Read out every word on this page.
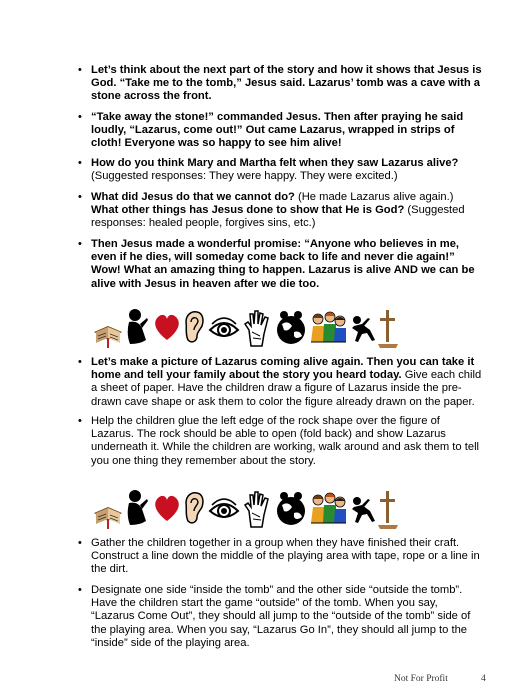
• Let’s think about the next part of the story and how it shows that Jesus is God. “Take me to the tomb,” Jesus said. Lazarus’ tomb was a cave with a stone across the front.
• “Take away the stone!” commanded Jesus. Then after praying he said loudly, “Lazarus, come out!” Out came Lazarus, wrapped in strips of cloth! Everyone was so happy to see him alive!
• How do you think Mary and Martha felt when they saw Lazarus alive? (Suggested responses: They were happy. They were excited.)
• What did Jesus do that we cannot do? (He made Lazarus alive again.) What other things has Jesus done to show that He is God? (Suggested responses: healed people, forgives sins, etc.)
• Then Jesus made a wonderful promise: “Anyone who believes in me, even if he dies, will someday come back to life and never die again!” Wow! What an amazing thing to happen. Lazarus is alive AND we can be alive with Jesus in heaven after we die too.
• Let’s make a picture of Lazarus coming alive again. Then you can take it home and tell your family about the story you heard today. Give each child a sheet of paper. Have the children draw a figure of Lazarus inside the pre-drawn cave shape or ask them to color the figure already drawn on the paper.
• Help the children glue the left edge of the rock shape over the figure of Lazarus. The rock should be able to open (fold back) and show Lazarus underneath it. While the children are working, walk around and ask them to tell you one thing they remember about the story.
• Gather the children together in a group when they have finished their craft. Construct a line down the middle of the playing area with tape, rope or a line in the dirt.
• Designate one side “inside the tomb” and the other side “outside the tomb”. Have the children start the game “outside” of the tomb. When you say, “Lazarus Come Out”, they should all jump to the “outside of the tomb” side of the playing area. When you say, “Lazarus Go In”, they should all jump to the “inside” side of the playing area.
Not For Profit	4
